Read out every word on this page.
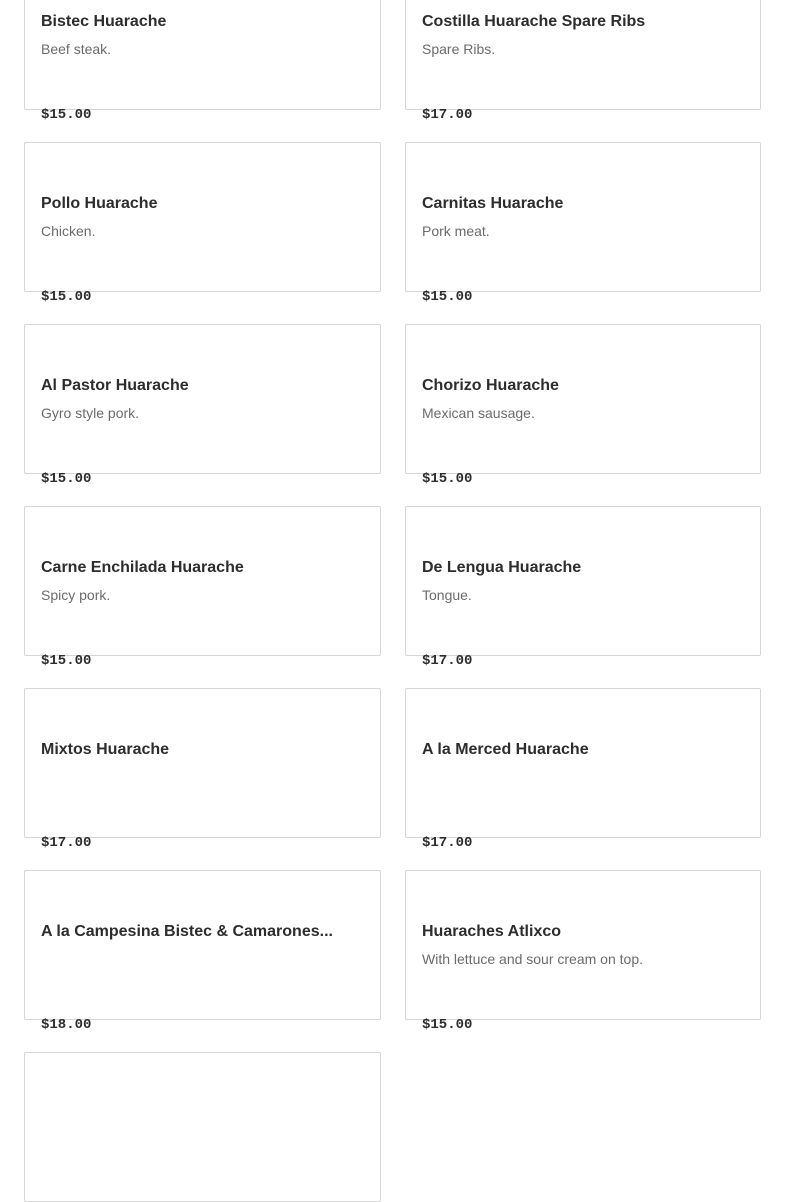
Bistec Huarache
Beef steak.
$15.00
Costilla Huarache Spare Ribs
Spare Ribs.
$17.00
Pollo Huarache
Chicken.
$15.00
Carnitas Huarache
Pork meat.
$15.00
Al Pastor Huarache
Gyro style pork.
$15.00
Chorizo Huarache
Mexican sausage.
$15.00
Carne Enchilada Huarache
Spicy pork.
$15.00
De Lengua Huarache
Tongue.
$17.00
Mixtos Huarache
$17.00
A la Merced Huarache
$17.00
A la Campesina Bistec & Camarones...
$18.00
Huaraches Atlixco
With lettuce and sour cream on top.
$15.00
